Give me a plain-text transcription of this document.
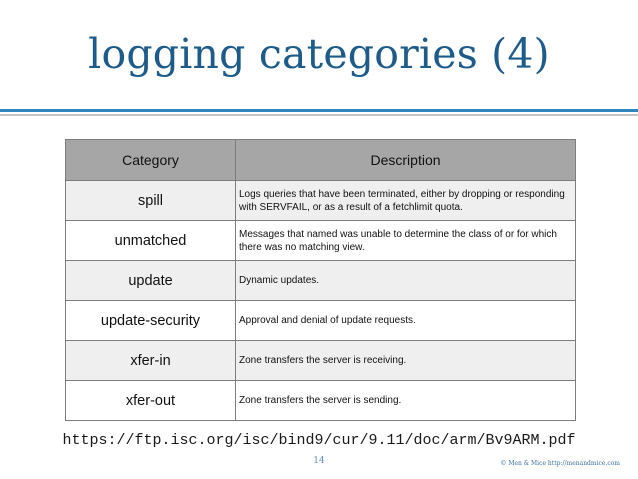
logging categories (4)
Category	Description
spill	Logs queries that have been terminated, either by dropping or responding with SERVFAIL, or as a result of a fetchlimit quota.
unmatched	Messages that named was unable to determine the class of or for which there was no matching view.
update	Dynamic updates.
update-security	Approval and denial of update requests.
xfer-in	Zone transfers the server is receiving.
xfer-out	Zone transfers the server is sending.
https://ftp.isc.org/isc/bind9/cur/9.11/doc/arm/Bv9ARM.pdf
14	© Men & Mice http://menandmice.com
